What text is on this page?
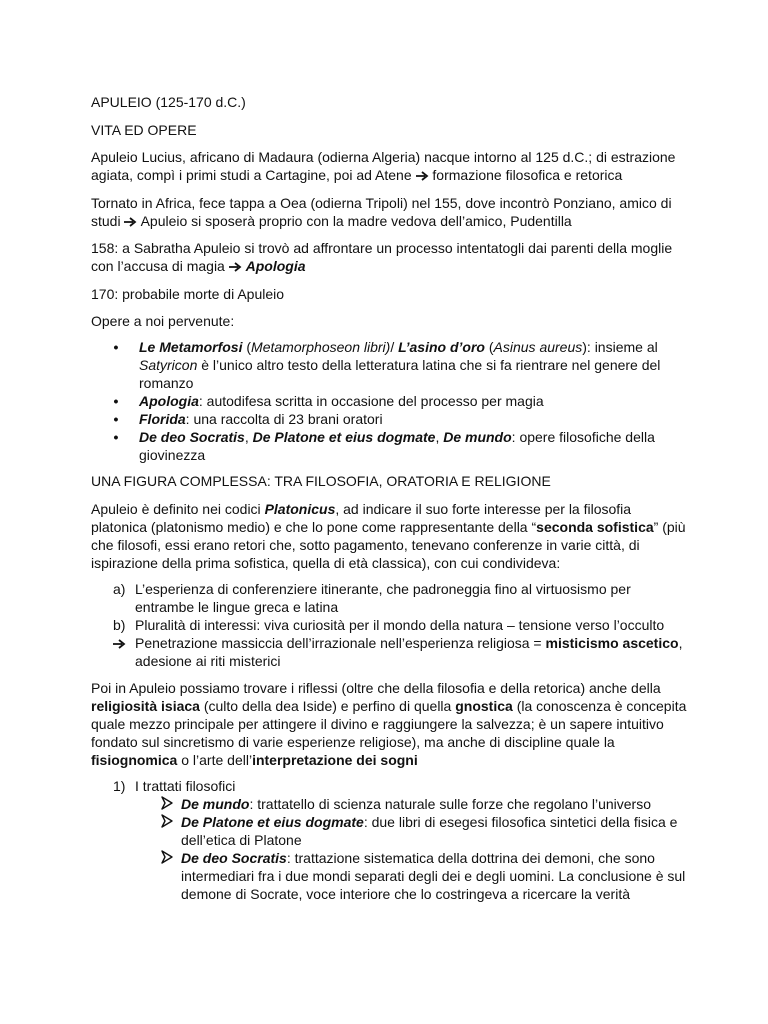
APULEIO (125-170 d.C.)

VITA ED OPERE

Apuleio Lucius, africano di Madaura (odierna Algeria) nacque intorno al 125 d.C.; di estrazione agiata, compì i primi studi a Cartagine, poi ad Atene formazione filosofica e retorica

Tornato in Africa, fece tappa a Oea (odierna Tripoli) nel 155, dove incontrò Ponziano, amico di studi Apuleio si sposerà proprio con la madre vedova dell’amico, Pudentilla

158: a Sabratha Apuleio si trovò ad affrontare un processo intentatogli dai parenti della moglie con l’accusa di magia Apologia

170: probabile morte di Apuleio

Opere a noi pervenute:

• Le Metamorfosi (Metamorphoseon libri)/ L’asino d’oro (Asinus aureus): insieme al Satyricon è l’unico altro testo della letteratura latina che si fa rientrare nel genere del romanzo
• Apologia: autodifesa scritta in occasione del processo per magia
• Florida: una raccolta di 23 brani oratori
• De deo Socratis, De Platone et eius dogmate, De mundo: opere filosofiche della giovinezza

UNA FIGURA COMPLESSA: TRA FILOSOFIA, ORATORIA E RELIGIONE

Apuleio è definito nei codici Platonicus, ad indicare il suo forte interesse per la filosofia platonica (platonismo medio) e che lo pone come rappresentante della “seconda sofistica” (più che filosofi, essi erano retori che, sotto pagamento, tenevano conferenze in varie città, di ispirazione della prima sofistica, quella di età classica), con cui condivideva:

a) L’esperienza di conferenziere itinerante, che padroneggia fino al virtuosismo per entrambe le lingue greca e latina
b) Pluralità di interessi: viva curiosità per il mondo della natura – tensione verso l’occulto
Penetrazione massiccia dell’irrazionale nell’esperienza religiosa = misticismo ascetico, adesione ai riti misterici

Poi in Apuleio possiamo trovare i riflessi (oltre che della filosofia e della retorica) anche della religiosità isiaca (culto della dea Iside) e perfino di quella gnostica (la conoscenza è concepita quale mezzo principale per attingere il divino e raggiungere la salvezza; è un sapere intuitivo fondato sul sincretismo di varie esperienze religiose), ma anche di discipline quale la fisiognomica o l’arte dell’interpretazione dei sogni

1) I trattati filosofici
De mundo: trattatello di scienza naturale sulle forze che regolano l’universo
De Platone et eius dogmate: due libri di esegesi filosofica sintetici della fisica e dell’etica di Platone
De deo Socratis: trattazione sistematica della dottrina dei demoni, che sono intermediari fra i due mondi separati degli dei e degli uomini. La conclusione è sul demone di Socrate, voce interiore che lo costringeva a ricercare la verità
